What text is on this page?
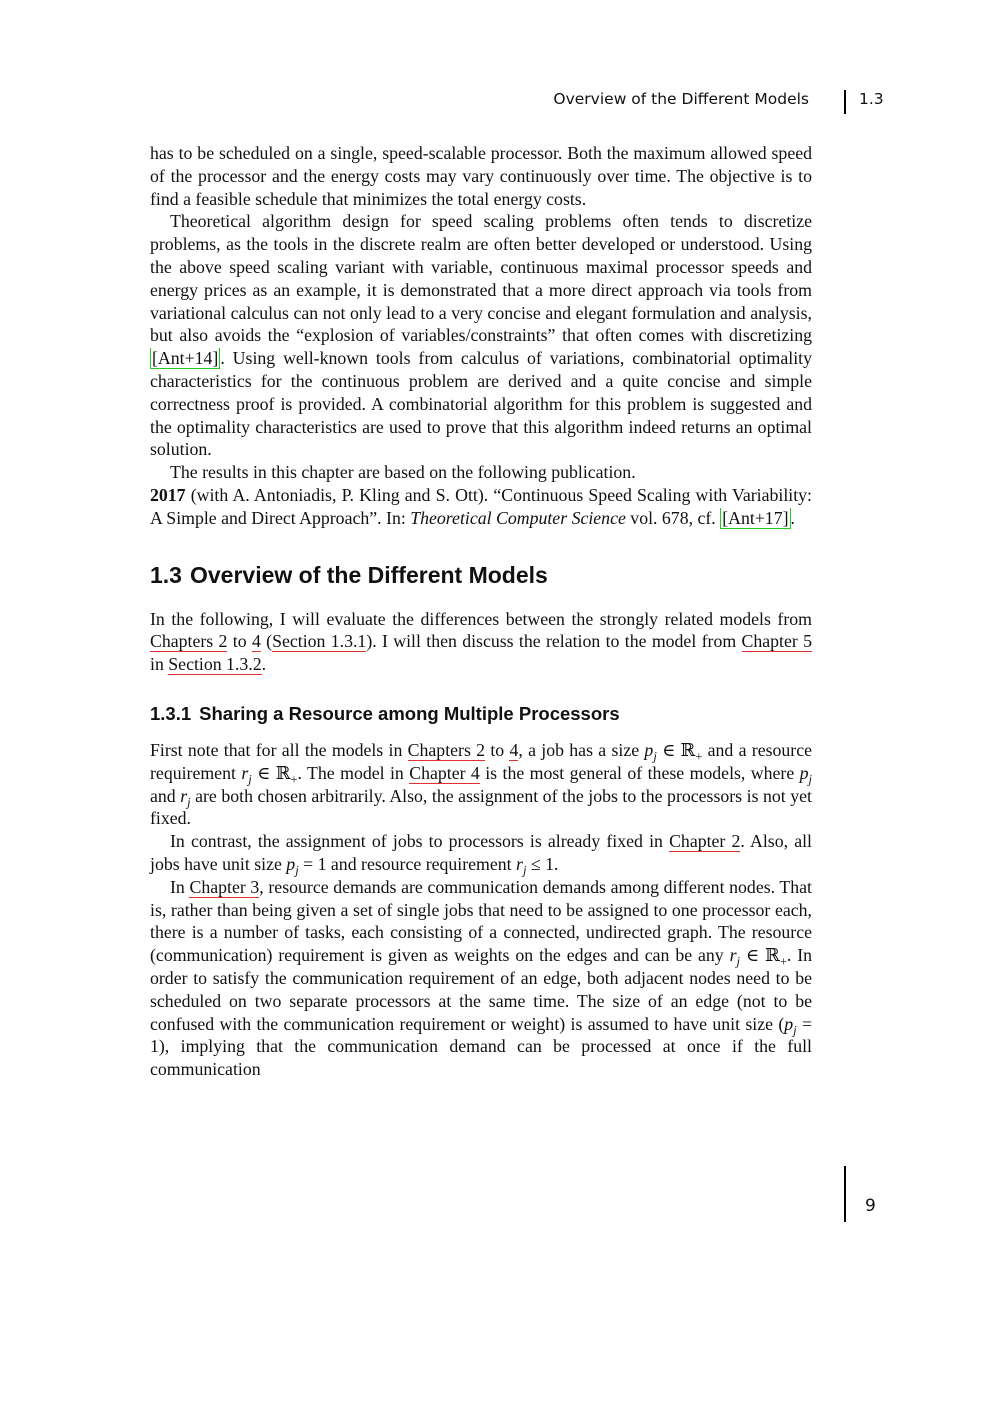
Overview of the Different Models	1.3

has to be scheduled on a single, speed-scalable processor. Both the maximum allowed speed of the processor and the energy costs may vary continuously over time. The objective is to find a feasible schedule that minimizes the total energy costs.

Theoretical algorithm design for speed scaling problems often tends to discretize problems, as the tools in the discrete realm are often better developed or understood. Using the above speed scaling variant with variable, continuous maximal processor speeds and energy prices as an example, it is demonstrated that a more direct approach via tools from variational calculus can not only lead to a very concise and elegant formulation and analysis, but also avoids the “explosion of variables/constraints” that often comes with discretizing [Ant+14] . Using well-known tools from calculus of variations, combinatorial optimality characteristics for the continuous problem are derived and a quite concise and simple correctness proof is provided. A combinatorial algorithm for this problem is suggested and the optimality characteristics are used to prove that this algorithm indeed returns an optimal solution.

The results in this chapter are based on the following publication.

2017 (with A. Antoniadis, P. Kling and S. Ott). “Continuous Speed Scaling with Variability: A Simple and Direct Approach”. In: Theoretical Computer Science vol. 678, cf. [Ant+17] .

1.3 Overview of the Different Models

In the following, I will evaluate the differences between the strongly related models from Chapters 2 to 4 (Section 1.3.1). I will then discuss the relation to the model from Chapter 5 in Section 1.3.2.

1.3.1 Sharing a Resource among Multiple Processors

First note that for all the models in Chapters 2 to 4, a job has a size $p_j$ ∈ ℝ$_+$ and a resource requirement $r_j$ ∈ ℝ$_+$. The model in Chapter 4 is the most general of these models, where $p_j$ and $r_j$ are both chosen arbitrarily. Also, the assignment of the jobs to the processors is not yet fixed.

In contrast, the assignment of jobs to processors is already fixed in Chapter 2. Also, all jobs have unit size $p_j = 1$ and resource requirement $r_j \le 1$.

In Chapter 3, resource demands are communication demands among different nodes. That is, rather than being given a set of single jobs that need to be assigned to one processor each, there is a number of tasks, each consisting of a connected, undirected graph. The resource (communication) requirement is given as weights on the edges and can be any $r_j$ ∈ ℝ$_+$. In order to satisfy the communication requirement of an edge, both adjacent nodes need to be scheduled on two separate processors at the same time. The size of an edge (not to be confused with the communication requirement or weight) is assumed to have unit size $(p_j = 1)$, implying that the communication demand can be processed at once if the full communication

9
